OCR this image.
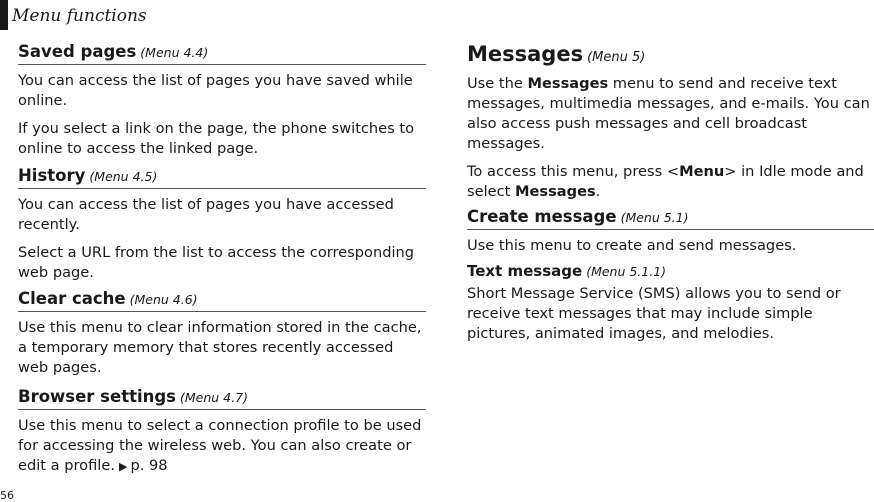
Menu functions
Saved pages (Menu 4.4)

You can access the list of pages you have saved while online.

If you select a link on the page, the phone switches to online to access the linked page.

History (Menu 4.5)

You can access the list of pages you have accessed recently.

Select a URL from the list to access the corresponding web page.

Clear cache (Menu 4.6)

Use this menu to clear information stored in the cache, a temporary memory that stores recently accessed web pages.

Browser settings (Menu 4.7)

Use this menu to select a connection profile to be used for accessing the wireless web. You can also create or edit a profile. ▶ p. 98

Messages (Menu 5)

Use the Messages menu to send and receive text messages, multimedia messages, and e-mails. You can also access push messages and cell broadcast messages.

To access this menu, press <Menu> in Idle mode and select Messages.

Create message (Menu 5.1)

Use this menu to create and send messages.

Text message (Menu 5.1.1)

Short Message Service (SMS) allows you to send or receive text messages that may include simple pictures, animated images, and melodies.

56
